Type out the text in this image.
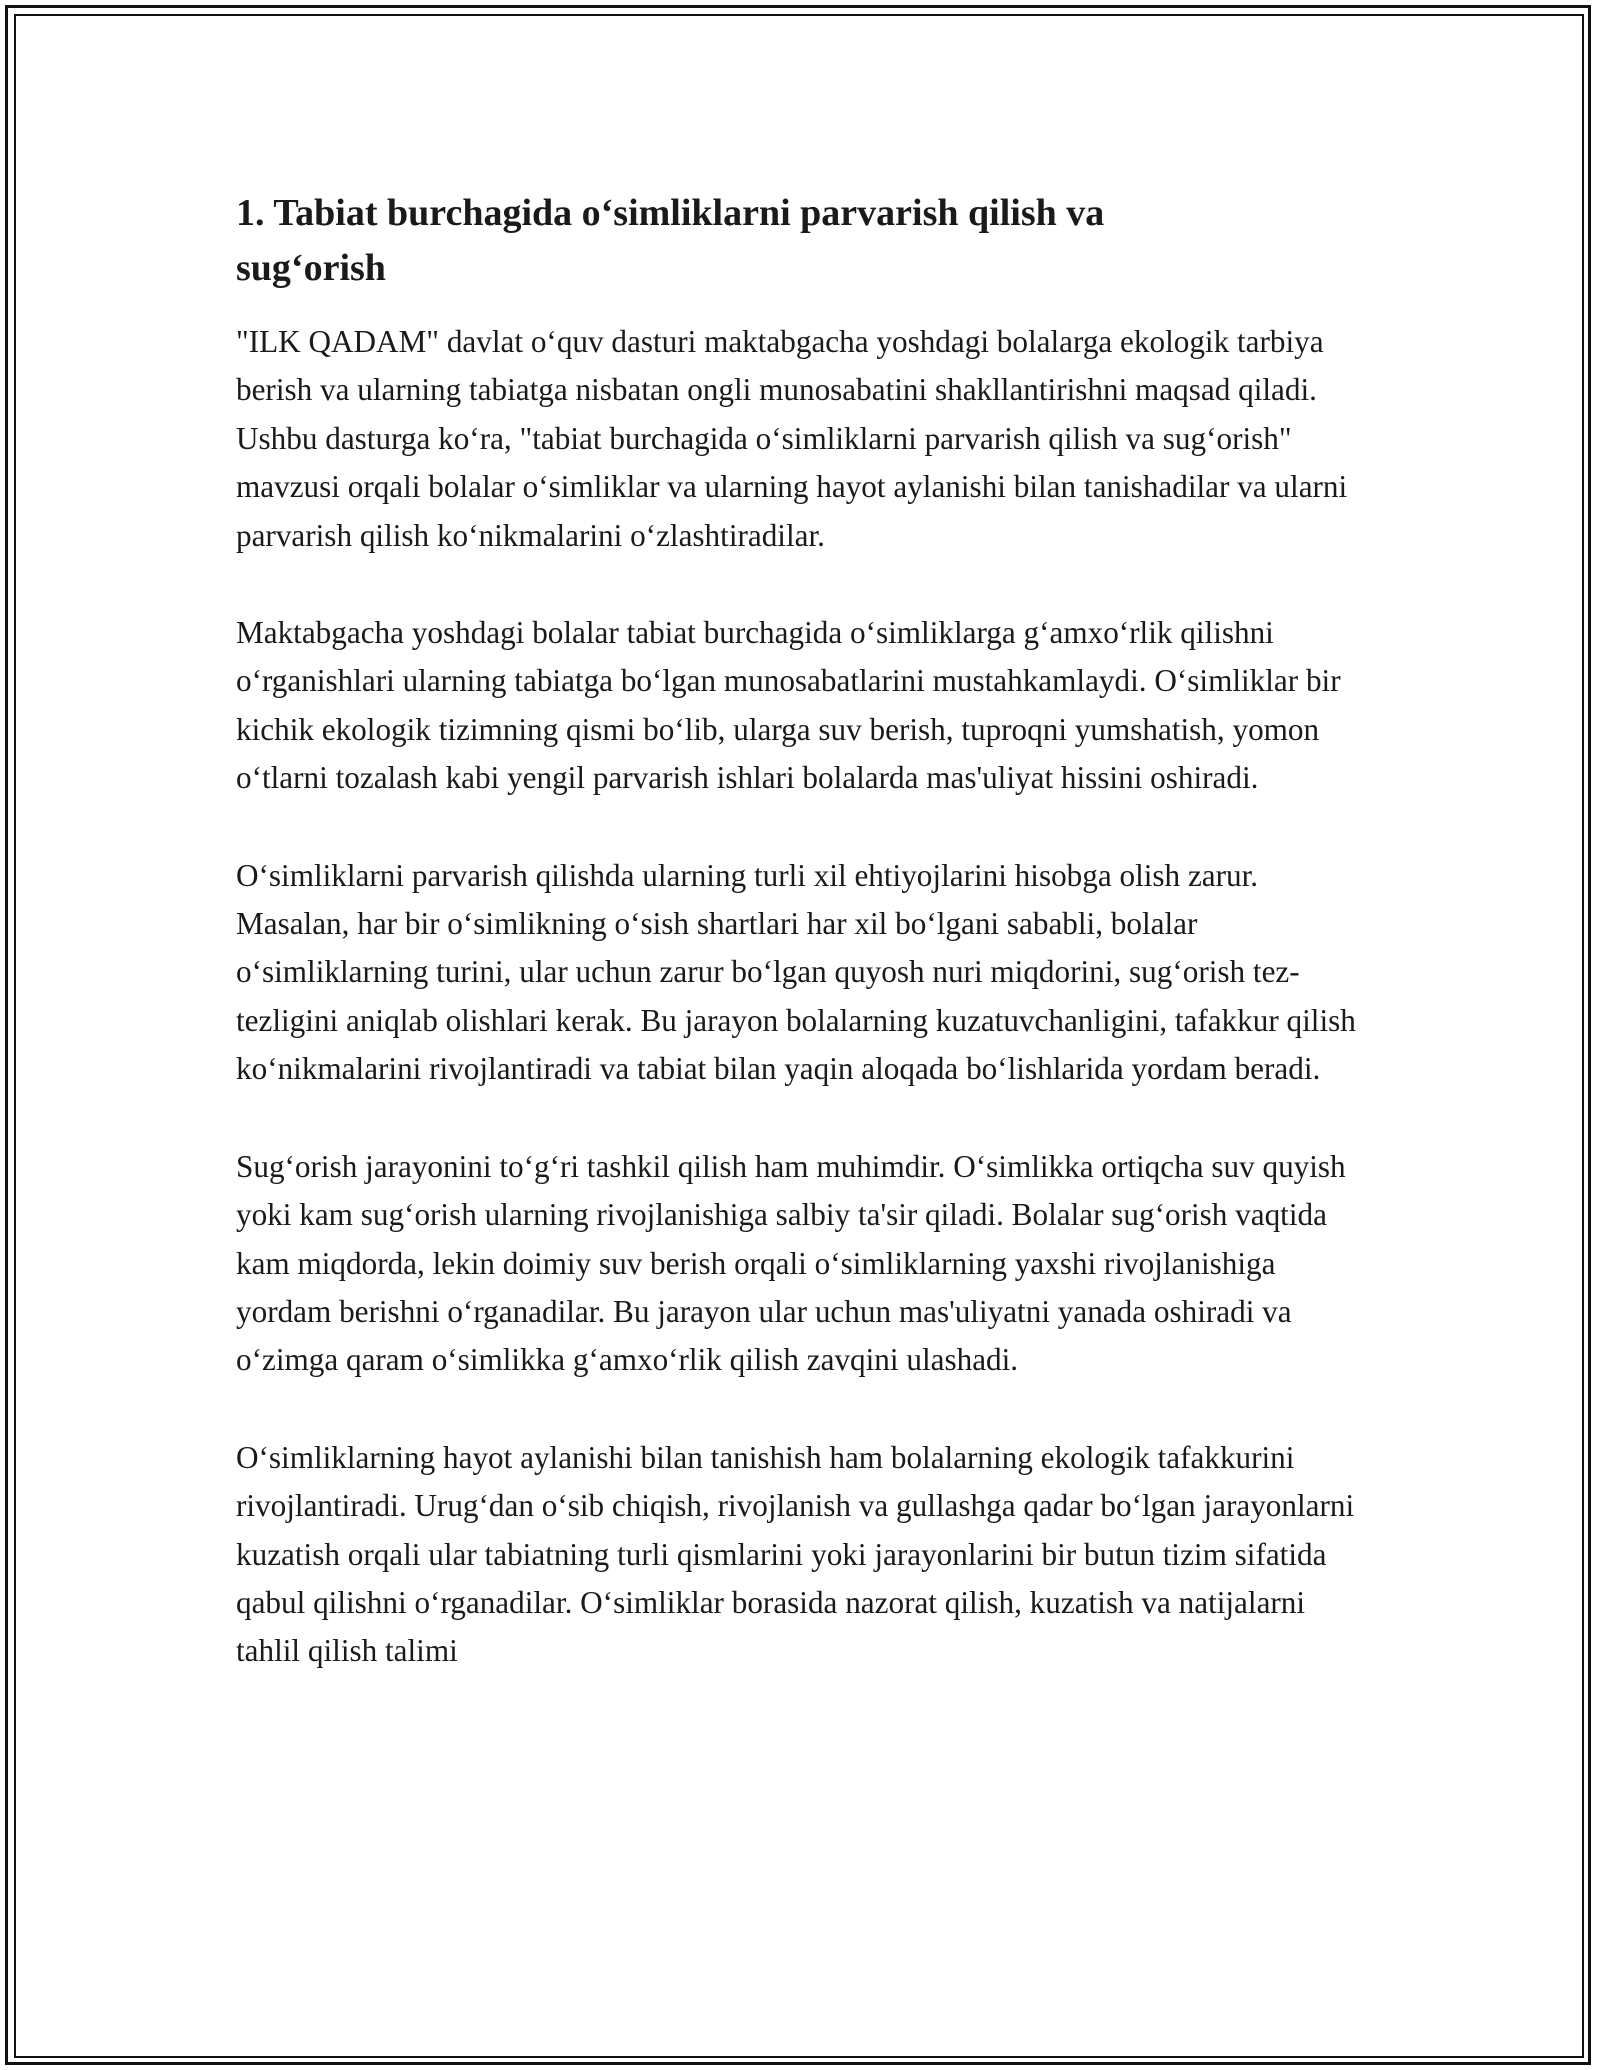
1. Tabiat burchagida o‘simliklarni parvarish qilish va sug‘orish

"ILK QADAM" davlat o‘quv dasturi maktabgacha yoshdagi bolalarga ekologik tarbiya berish va ularning tabiatga nisbatan ongli munosabatini shakllantirishni maqsad qiladi. Ushbu dasturga ko‘ra, "tabiat burchagida o‘simliklarni parvarish qilish va sug‘orish" mavzusi orqali bolalar o‘simliklar va ularning hayot aylanishi bilan tanishadilar va ularni parvarish qilish ko‘nikmalarini o‘zlashtiradilar.

Maktabgacha yoshdagi bolalar tabiat burchagida o‘simliklarga g‘amxo‘rlik qilishni o‘rganishlari ularning tabiatga bo‘lgan munosabatlarini mustahkamlaydi. O‘simliklar bir kichik ekologik tizimning qismi bo‘lib, ularga suv berish, tuproqni yumshatish, yomon o‘tlarni tozalash kabi yengil parvarish ishlari bolalarda mas'uliyat hissini oshiradi.

O‘simliklarni parvarish qilishda ularning turli xil ehtiyojlarini hisobga olish zarur. Masalan, har bir o‘simlikning o‘sish shartlari har xil bo‘lgani sababli, bolalar o‘simliklarning turini, ular uchun zarur bo‘lgan quyosh nuri miqdorini, sug‘orish tez-tezligini aniqlab olishlari kerak. Bu jarayon bolalarning kuzatuvchanligini, tafakkur qilish ko‘nikmalarini rivojlantiradi va tabiat bilan yaqin aloqada bo‘lishlarida yordam beradi.

Sug‘orish jarayonini to‘g‘ri tashkil qilish ham muhimdir. O‘simlikka ortiqcha suv quyish yoki kam sug‘orish ularning rivojlanishiga salbiy ta'sir qiladi. Bolalar sug‘orish vaqtida kam miqdorda, lekin doimiy suv berish orqali o‘simliklarning yaxshi rivojlanishiga yordam berishni o‘rganadilar. Bu jarayon ular uchun mas'uliyatni yanada oshiradi va o‘zimga qaram o‘simlikka g‘amxo‘rlik qilish zavqini ulashadi.

O‘simliklarning hayot aylanishi bilan tanishish ham bolalarning ekologik tafakkurini rivojlantiradi. Urug‘dan o‘sib chiqish, rivojlanish va gullashga qadar bo‘lgan jarayonlarni kuzatish orqali ular tabiatning turli qismlarini yoki jarayonlarini bir butun tizim sifatida qabul qilishni o‘rganadilar. O‘simliklar borasida nazorat qilish, kuzatish va natijalarni tahlil qilish talimi
